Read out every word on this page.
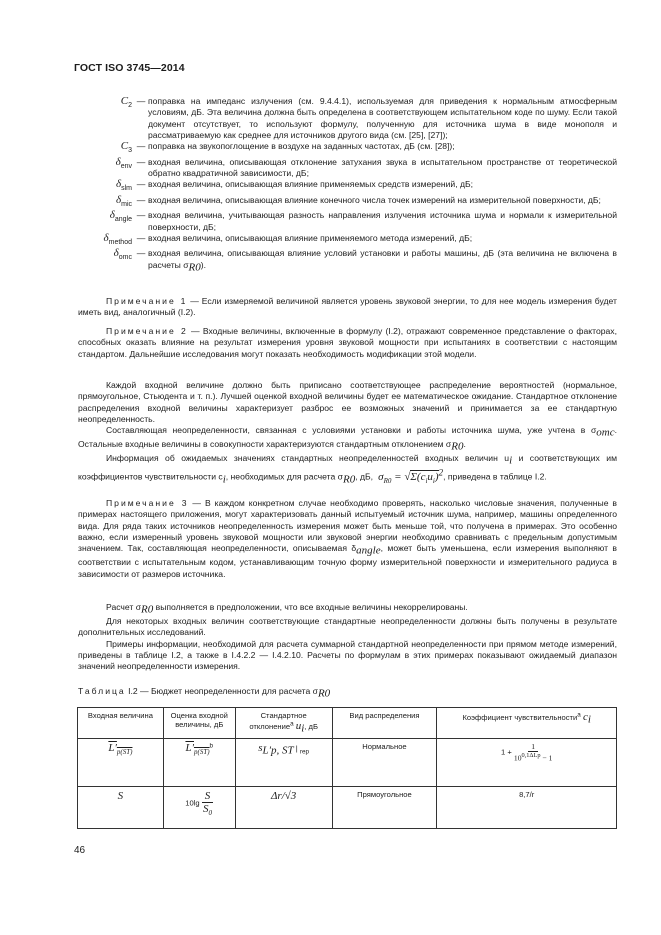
ГОСТ ISO 3745—2014
$C_2$ — поправка на импеданс излучения (см. 9.4.4.1), используемая для приведения к нормальным атмосферным условиям, дБ. Эта величина должна быть определена в соответствующем испытательном коде по шуму. Если такой документ отсутствует, то используют формулу, полученную для источника шума в виде монополя и рассматриваемую как среднее для источников другого вида (см. [25], [27]);
$C_3$ — поправка на звукопоглощение в воздухе на заданных частотах, дБ (см. [28]);
$\delta_{env}$ — входная величина, описывающая отклонение затухания звука в испытательном пространстве от теоретической обратно квадратичной зависимости, дБ;
$\delta_{slm}$ — входная величина, описывающая влияние применяемых средств измерений, дБ;
$\delta_{mic}$ — входная величина, описывающая влияние конечного числа точек измерений на измерительной поверхности, дБ;
$\delta_{angle}$ — входная величина, учитывающая разность направления излучения источника шума и нормали к измерительной поверхности, дБ;
$\delta_{method}$ — входная величина, описывающая влияние применяемого метода измерений, дБ;
$\delta_{omc}$ — входная величина, описывающая влияние условий установки и работы машины, дБ (эта величина не включена в расчеты $\sigma_{R0}$).

Примечание 1 — Если измеряемой величиной является уровень звуковой энергии, то для нее модель измерения будет иметь вид, аналогичный (I.2).

Примечание 2 — Входные величины, включенные в формулу (I.2), отражают современное представление о факторах, способных оказать влияние на результат измерения уровня звуковой мощности при испытаниях в соответствии с настоящим стандартом. Дальнейшие исследования могут показать необходимость модификации этой модели.

Каждой входной величине должно быть приписано соответствующее распределение вероятностей (нормальное, прямоугольное, Стьюдента и т. п.). Лучшей оценкой входной величины будет ее математическое ожидание. Стандартное отклонение распределения входной величины характеризует разброс ее возможных значений и принимается за ее стандартную неопределенность.

Составляющая неопределенности, связанная с условиями установки и работы источника шума, уже учтена в $\sigma_{omc}$. Остальные входные величины в совокупности характеризуются стандартным отклонением $\sigma_{R0}$.

Информация об ожидаемых значениях стандартных неопределенностей входных величин $u_i$ и соответствующих им коэффициентов чувствительности $c_i$, необходимых для расчета $\sigma_{R0}$, дБ, $\sigma_{R0} = √\Sigma(c_iu_i)^2$, приведена в таблице I.2.

Примечание 3 — В каждом конкретном случае необходимо проверять, насколько числовые значения, полученные в примерах настоящего приложения, могут характеризовать данный испытуемый источник шума, например, машины определенного вида. Для ряда таких источников неопределенность измерения может быть меньше той, что получена в примерах. Это особенно важно, если измеренный уровень звуковой мощности или звуковой энергии необходимо сравнивать с предельным допустимым значением. Так, составляющая неопределенности, описываемая $\delta_{angle}$, может быть уменьшена, если измерения выполняют в соответствии с испытательным кодом, устанавливающим точную форму измерительной поверхности и измерительного радиуса в зависимости от размеров источника.

Расчет $\sigma_{R0}$ выполняется в предположении, что все входные величины некоррелированы.

Для некоторых входных величин соответствующие стандартные неопределенности должны быть получены в результате дополнительных исследований.

Примеры информации, необходимой для расчета суммарной стандартной неопределенности при прямом методе измерений, приведены в таблице I.2, а также в I.4.2.2 — I.4.2.10. Расчеты по формулам в этих примерах показывают ожидаемый диапазон значений неопределенности измерения.

Таблица I.2 — Бюджет неопределенности для расчета $\sigma_{R0}$
Входная величина	Оценка входной величины, дБ	Стандартное отклонение$^a$ $u_i$, дБ	Вид распределения	Коэффициент чувствительности$^a$ $c_i$
$L'_{p(ST)}$	$L'_{p(ST)}^b$	$s_{L'p, ST}$ | $_{rep}$	Нормальное	$1 + \frac{1}{10^{0,1\Delta Lp} - 1}$

S	$10\lg \frac{S}{S_0}$	Δr/√3	Прямоугольное	8,7/r
46
